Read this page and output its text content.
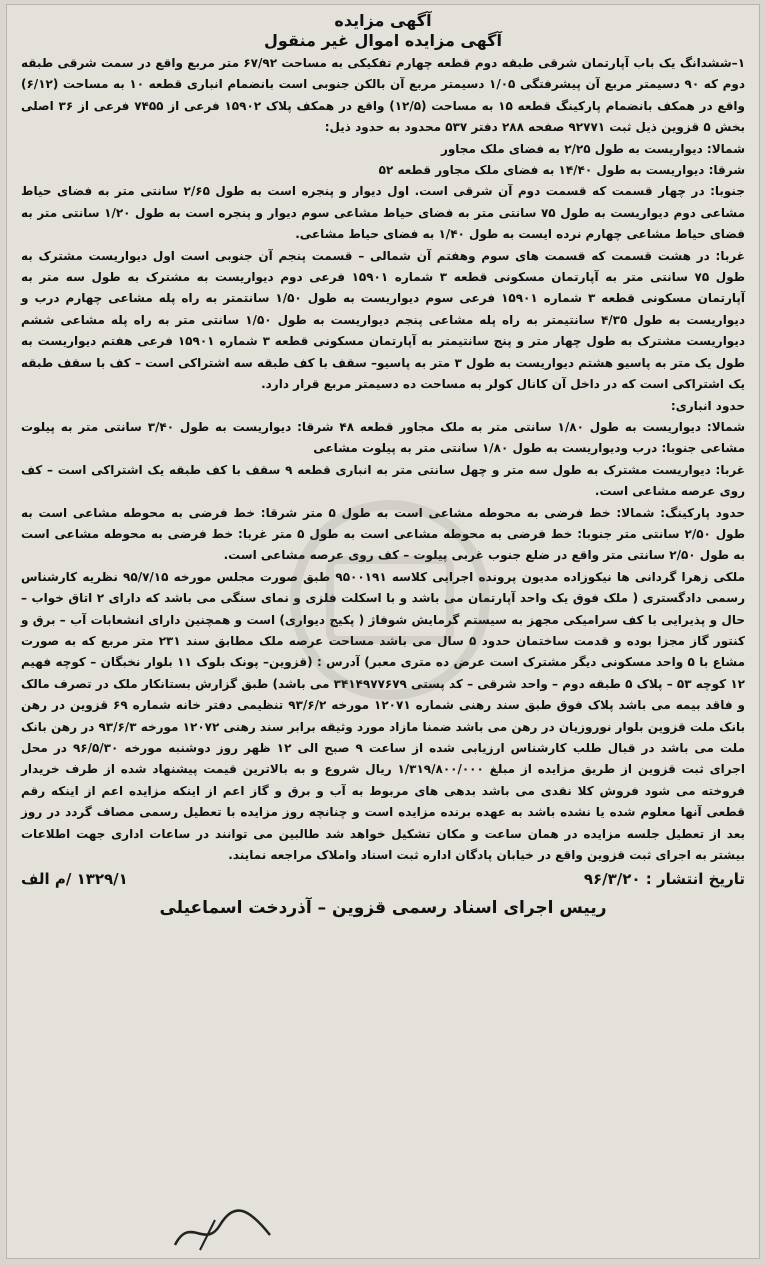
آگهی مزایده
آگهی مزایده اموال غیر منقول

۱–ششدانگ یک باب آپارتمان شرقی طبقه دوم قطعه چهارم تفکیکی به مساحت ۶۷/۹۲ متر مربع واقع در سمت شرقی طبقه دوم که ۹۰ دسیمتر مربع آن پیشرفتگی ۱/۰۵ دسیمتر مربع آن بالکن جنوبی است بانضمام انباری قطعه ۱۰ به مساحت (۶/۱۲) واقع در همکف بانضمام پارکینگ قطعه ۱۵ به مساحت (۱۲/۵) واقع در همکف پلاک ۱۵۹۰۲ فرعی از ۷۴۵۵ فرعی از ۳۶ اصلی بخش ۵ قزوین ذیل ثبت ۹۲۷۷۱ صفحه ۲۸۸ دفتر ۵۳۷ محدود به حدود ذیل:

شمالا: دیواریست به طول ۲/۲۵ به فضای ملک مجاور

شرقا: دیواریست به طول ۱۴/۴۰ به فضای ملک مجاور قطعه ۵۲

جنوبا: در چهار قسمت که قسمت دوم آن شرقی است. اول دیوار و پنجره است به طول ۲/۶۵ سانتی متر به فضای حیاط مشاعی دوم دیواریست به طول ۷۵ سانتی متر به فضای حیاط مشاعی سوم دیوار و پنجره است به طول ۱/۲۰ سانتی متر به فضای حیاط مشاعی چهارم نرده ایست به طول ۱/۴۰ به فضای حیاط مشاعی.

غربا: در هشت قسمت که قسمت های سوم وهفتم آن شمالی – قسمت پنجم آن جنوبی است اول دیواریست مشترک به طول ۷۵ سانتی متر به آپارتمان مسکونی قطعه ۳ شماره ۱۵۹۰۱ فرعی دوم دیواریست به مشترک به طول سه متر به آپارتمان مسکونی قطعه ۳ شماره ۱۵۹۰۱ فرعی سوم دیواریست به طول ۱/۵۰ سانتمتر به راه پله مشاعی چهارم درب و دیواریست به طول ۴/۳۵ سانتیمتر به راه پله مشاعی پنجم دیواریست به طول ۱/۵۰ سانتی متر به راه پله مشاعی ششم دیواریست مشترک به طول چهار متر و پنج سانتیمتر به آپارتمان مسکونی قطعه ۳ شماره ۱۵۹۰۱ فرعی هفتم دیواریست به طول یک متر به پاسیو هشتم دیواریست به طول ۳ متر به پاسیو– سقف با کف طبقه سه اشتراکی است – کف با سقف طبقه یک اشتراکی است که در داخل آن کانال کولر به مساحت ده دسیمتر مربع قرار دارد.

حدود انباری:

شمالا: دیواریست به طول ۱/۸۰ سانتی متر به ملک مجاور قطعه ۴۸ شرقا: دیواریست به طول ۳/۴۰ سانتی متر به پیلوت مشاعی جنوبا: درب ودیواریست به طول ۱/۸۰ سانتی متر به پیلوت مشاعی

غربا: دیواریست مشترک به طول سه متر و چهل سانتی متر به انباری قطعه ۹ سقف با کف طبقه یک اشتراکی است – کف روی عرصه مشاعی است.

حدود پارکینگ: شمالا: خط فرضی به محوطه مشاعی است به طول ۵ متر شرقا: خط فرضی به محوطه مشاعی است به طول ۲/۵۰ سانتی متر جنوبا: خط فرضی به محوطه مشاعی است به طول ۵ متر غربا: خط فرضی به محوطه مشاعی است به طول ۲/۵۰ سانتی متر واقع در ضلع جنوب غربی پیلوت – کف روی عرصه مشاعی است.

ملکی زهرا گردانی ها نیکوزاده مدیون پرونده اجرایی کلاسه ۹۵۰۰۱۹۱ طبق صورت مجلس مورخه ۹۵/۷/۱۵ نظریه کارشناس رسمی دادگستری ( ملک فوق یک واحد آپارتمان می باشد و با اسکلت فلزی و نمای سنگی می باشد که دارای ۲ اتاق خواب – حال و پذیرایی با کف سرامیکی مجهز به سیستم گرمایش شوفاژ ( پکیج دیواری) است و همچنین دارای انشعابات آب – برق و کنتور گاز مجزا بوده و قدمت ساختمان حدود ۵ سال می باشد مساحت عرصه ملک مطابق سند ۲۳۱ متر مربع که به صورت مشاع با ۵ واحد مسکونی دیگر مشترک است عرض ده متری معبر) آدرس : (قزوین– پونک بلوک ۱۱ بلوار نخبگان – کوچه فهیم ۱۲ کوچه ۵۳ – پلاک ۵ طبقه دوم – واحد شرقی – کد پستی ۳۴۱۴۹۷۷۶۷۹ می باشد) طبق گزارش بستانکار ملک در تصرف مالک و فاقد بیمه می باشد پلاک فوق طبق سند رهنی شماره ۱۲۰۷۱ مورخه ۹۳/۶/۲ تنظیمی دفتر خانه شماره ۶۹ قزوین در رهن بانک ملت قزوین بلوار نوروزیان در رهن می باشد ضمنا مازاد مورد وثیقه برابر سند رهنی ۱۲۰۷۲ مورخه ۹۳/۶/۳ در رهن بانک ملت می باشد در قبال طلب کارشناس ارزیابی شده از ساعت ۹ صبح الی ۱۲ ظهر روز دوشنبه مورخه ۹۶/۵/۳۰ در محل اجرای ثبت قزوین از طریق مزایده از مبلغ ۱/۳۱۹/۸۰۰/۰۰۰ ریال شروع و به بالاترین قیمت پیشنهاد شده از طرف خریدار فروخته می شود فروش کلا نقدی می باشد بدهی های مربوط به آب و برق و گاز اعم از اینکه مزایده اعم از اینکه رقم قطعی آنها معلوم شده یا نشده باشد به عهده برنده مزایده است و چنانچه روز مزایده با تعطیل رسمی مصاف گردد در روز بعد از تعطیل جلسه مزایده در همان ساعت و مکان تشکیل خواهد شد طالبین می توانند در ساعات اداری جهت اطلاعات بیشتر به اجرای ثبت قزوین واقع در خیابان پادگان اداره ثبت اسناد واملاک مراجعه نمایند.

تاریخ انتشار : ۹۶/۳/۲۰
۱۳۲۹/۱ /م الف
رییس اجرای اسناد رسمی قزوین – آذردخت اسماعیلی
